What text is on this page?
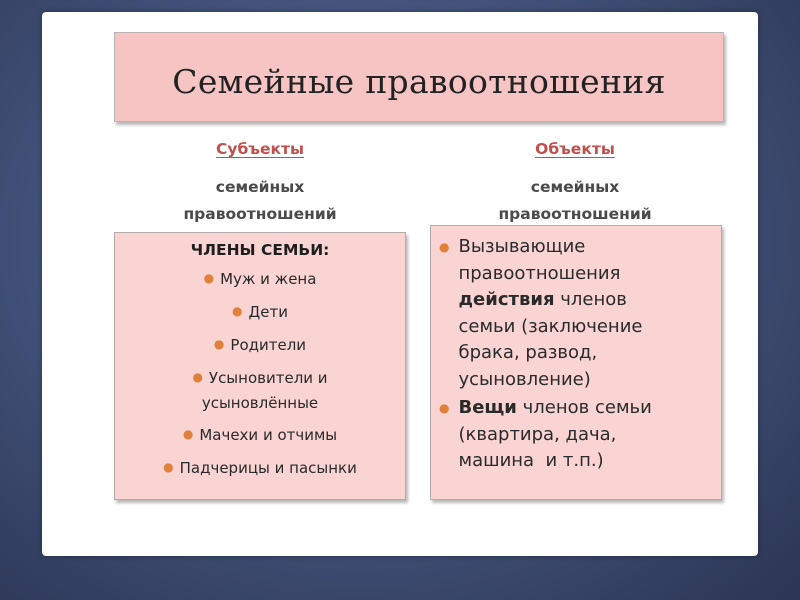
Семейные правоотношения
Субъекты
семейных
правоотношений
Объекты
семейных
правоотношений
ЧЛЕНЫ СЕМЬИ:
● Муж и жена
● Дети
● Родители
● Усыновители и
усыновлённые
● Мачехи и отчимы
● Падчерицы и пасынки
● Вызывающие
правоотношения
действия членов
семьи (заключение
брака, развод,
усыновление)
● Вещи членов семьи
(квартира, дача,
машина  и т.п.)
